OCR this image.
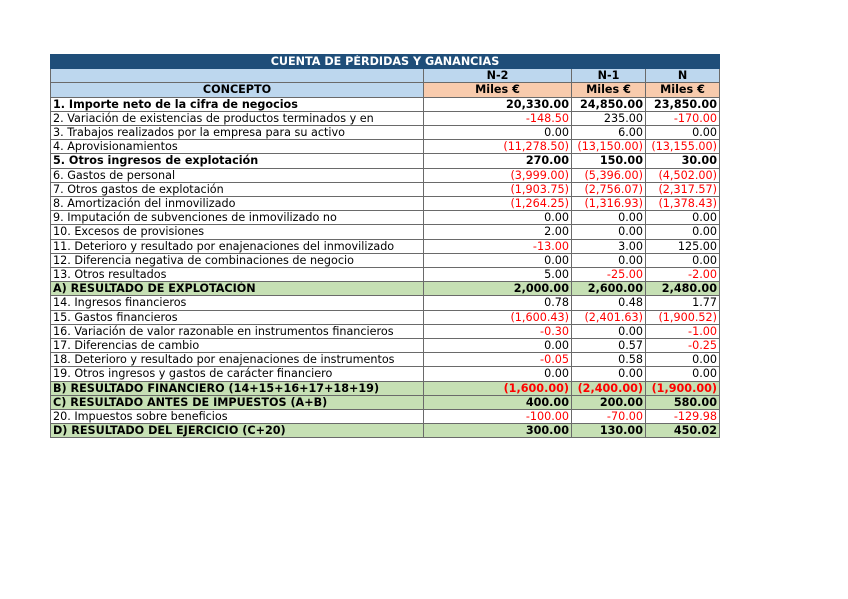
CUENTA DE PÉRDIDAS Y GANANCIAS			
	N-2	N-1	N
CONCEPTO	Miles €	Miles €	Miles €
1. Importe neto de la cifra de negocios	20,330.00	24,850.00	23,850.00
2. Variación de existencias de productos terminados y en	-148.50	235.00	-170.00
3. Trabajos realizados por la empresa para su activo	0.00	6.00	0.00
4. Aprovisionamientos	(11,278.50)	(13,150.00)	(13,155.00)
5. Otros ingresos de explotación	270.00	150.00	30.00
6. Gastos de personal	(3,999.00)	(5,396.00)	(4,502.00)
7. Otros gastos de explotación	(1,903.75)	(2,756.07)	(2,317.57)
8. Amortización del inmovilizado	(1,264.25)	(1,316.93)	(1,378.43)
9. Imputación de subvenciones de inmovilizado no	0.00	0.00	0.00
10. Excesos de provisiones	2.00	0.00	0.00
11. Deterioro y resultado por enajenaciones del inmovilizado	-13.00	3.00	125.00
12. Diferencia negativa de combinaciones de negocio	0.00	0.00	0.00
13. Otros resultados	5.00	-25.00	-2.00
A) RESULTADO DE EXPLOTACIÓN	2,000.00	2,600.00	2,480.00
14. Ingresos financieros	0.78	0.48	1.77
15. Gastos financieros	(1,600.43)	(2,401.63)	(1,900.52)
16. Variación de valor razonable en instrumentos financieros	-0.30	0.00	-1.00
17. Diferencias de cambio	0.00	0.57	-0.25
18. Deterioro y resultado por enajenaciones de instrumentos	-0.05	0.58	0.00
19. Otros ingresos y gastos de carácter financiero	0.00	0.00	0.00
B) RESULTADO FINANCIERO (14+15+16+17+18+19)	(1,600.00)	(2,400.00)	(1,900.00)
C) RESULTADO ANTES DE IMPUESTOS (A+B)	400.00	200.00	580.00
20. Impuestos sobre beneficios	-100.00	-70.00	-129.98
D) RESULTADO DEL EJERCICIO (C+20)	300.00	130.00	450.02
